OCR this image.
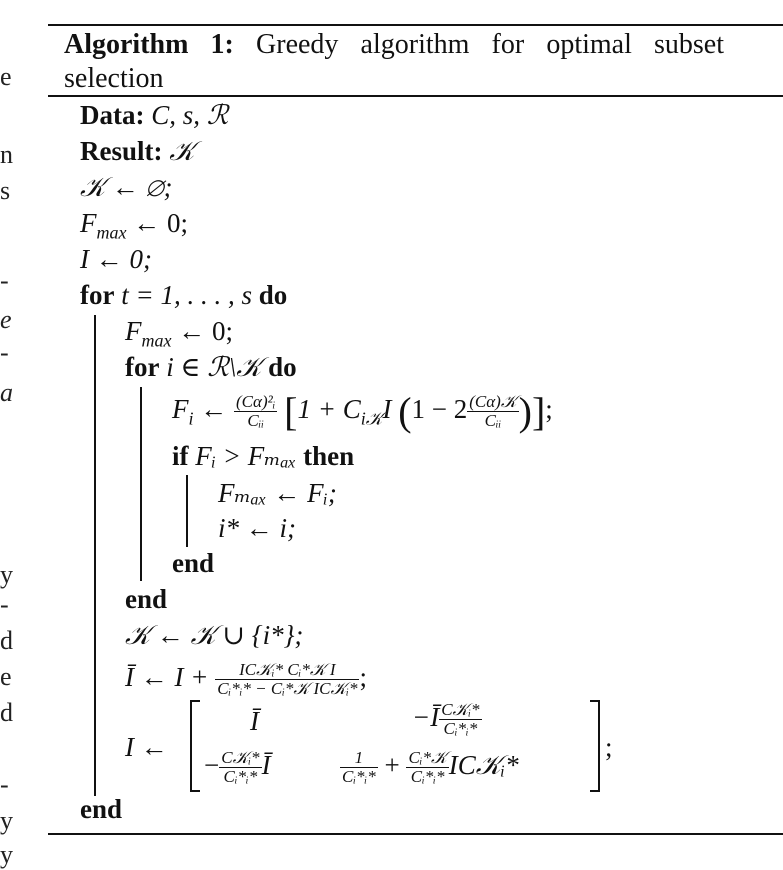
e
n
s
-
e
-
a
y
-
d
e
d
-
y
y
Algorithm 1: Greedy algorithm for optimal subset selection
Data: C, s, ℛ
Result: 𝒦
𝒦 ← ∅;
$F_{max}$ ← 0;
I ← 0;
for t = 1, . . . , s do
$F_{max}$ ← 0;
for i ∈ ℛ\𝒦 do
$F_i$ ← $\frac{\text{(Cα)²ᵢ}}{\text{Cᵢᵢ}} [1 + C_{i𝒦}I$ ($1 - 2 \frac{\text{(Cα)𝒦}}{\text{Cᵢᵢ}}$ )];
if Fᵢ > Fₘₐₓ then
Fₘₐₓ ← Fᵢ;
i* ← i;
end
end
𝒦 ← 𝒦 ∪ {i*};
Ī ← $I + \frac{\text{IC𝒦ᵢ* Cᵢ*𝒦 I}}{\text{Cᵢ*ᵢ* − Cᵢ*𝒦 IC𝒦ᵢ*}}$ ;
I ←
Ī	−Ī $\frac{\text{C𝒦ᵢ*}}{\text{Cᵢ*ᵢ*}}$
− $\frac{\text{C𝒦ᵢ*}}{\text{Cᵢ*ᵢ*}}$ Ī	$\frac{1}{\text{Cᵢ*ᵢ*}} + \frac{\text{Cᵢ*𝒦}}{\text{Cᵢ*ᵢ*}}$ IC𝒦ᵢ*
;
end
